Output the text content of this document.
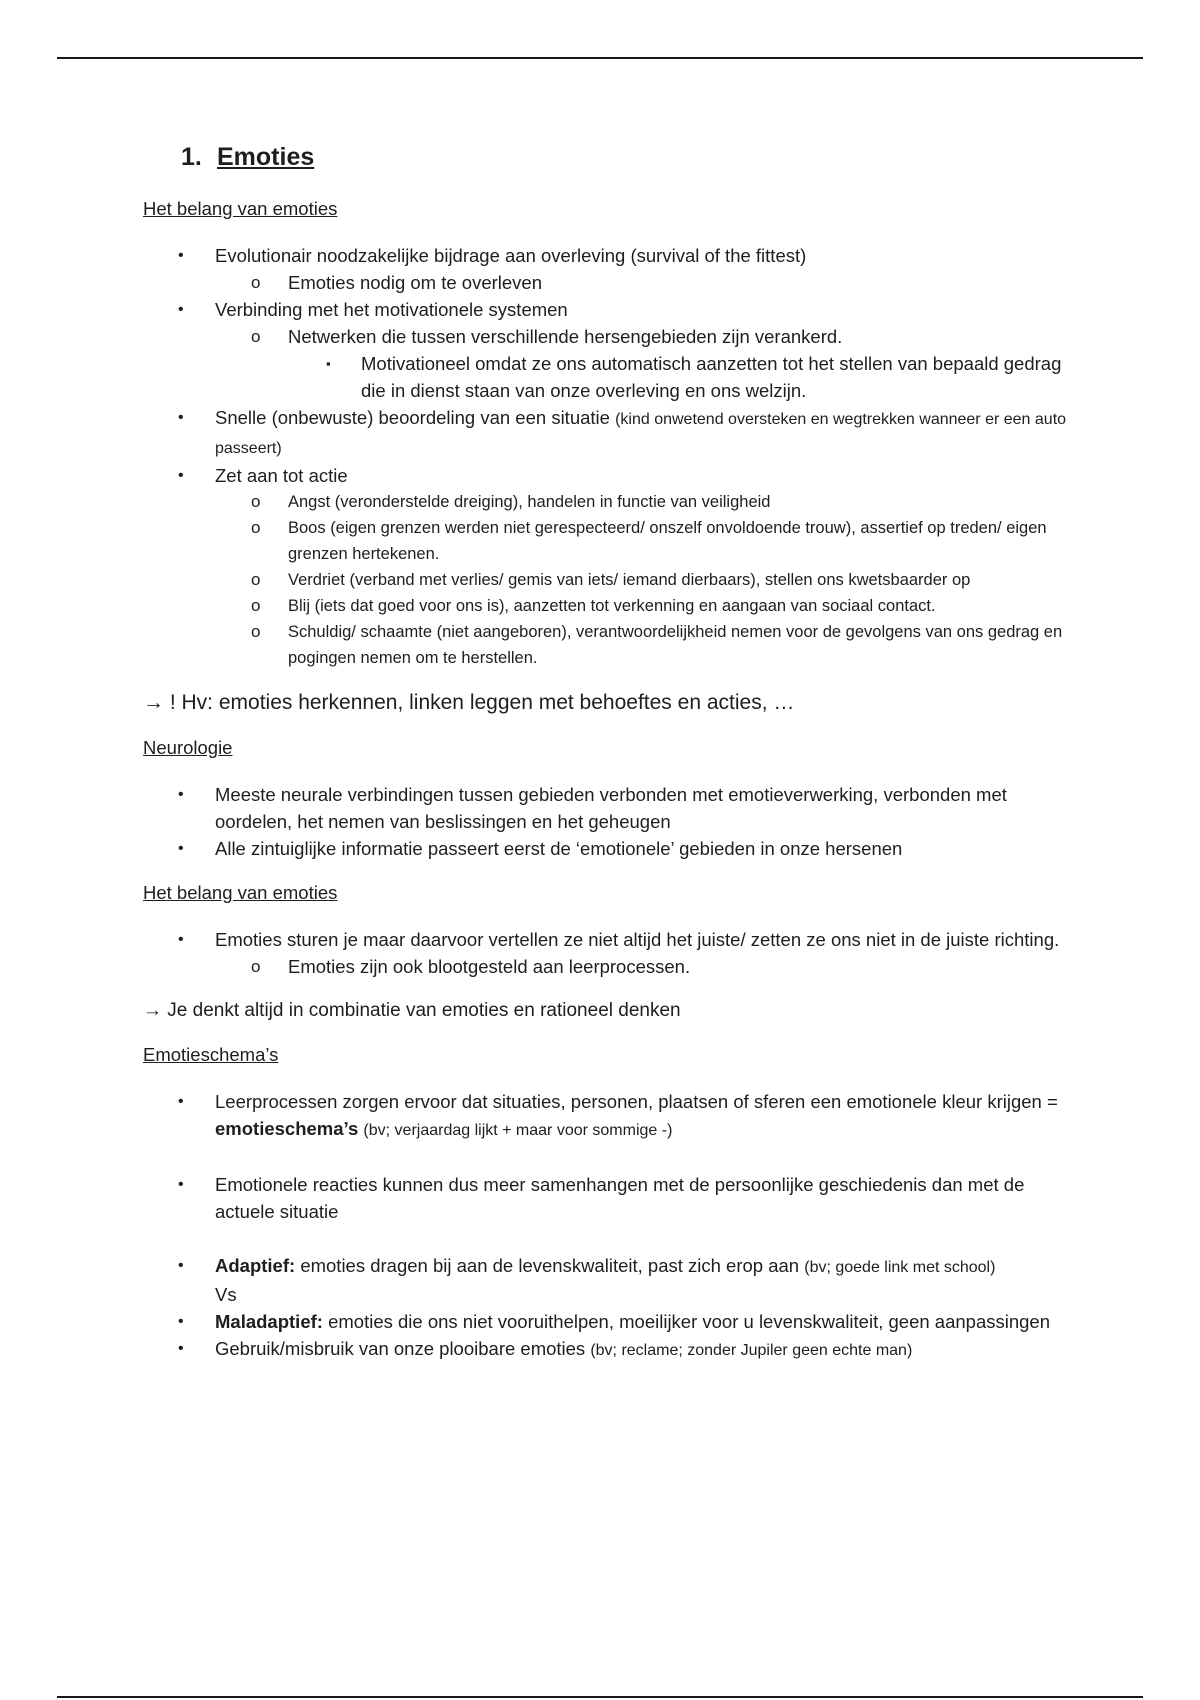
1. Emoties
Het belang van emoties
• Evolutionair noodzakelijke bijdrage aan overleving (survival of the fittest)
o Emoties nodig om te overleven
• Verbinding met het motivationele systemen
o Netwerken die tussen verschillende hersengebieden zijn verankerd.
▪ Motivationeel omdat ze ons automatisch aanzetten tot het stellen van bepaald gedrag die in dienst staan van onze overleving en ons welzijn.
• Snelle (onbewuste) beoordeling van een situatie (kind onwetend oversteken en wegtrekken wanneer er een auto passeert)
• Zet aan tot actie
o Angst (veronderstelde dreiging), handelen in functie van veiligheid
o Boos (eigen grenzen werden niet gerespecteerd/ onszelf onvoldoende trouw), assertief op treden/ eigen grenzen hertekenen.
o Verdriet (verband met verlies/ gemis van iets/ iemand dierbaars), stellen ons kwetsbaarder op
o Blij (iets dat goed voor ons is), aanzetten tot verkenning en aangaan van sociaal contact.
o Schuldig/ schaamte (niet aangeboren), verantwoordelijkheid nemen voor de gevolgens van ons gedrag en pogingen nemen om te herstellen.
→ ! Hv: emoties herkennen, linken leggen met behoeftes en acties, …
Neurologie
• Meeste neurale verbindingen tussen gebieden verbonden met emotieverwerking, verbonden met oordelen, het nemen van beslissingen en het geheugen
• Alle zintuiglijke informatie passeert eerst de ‘emotionele’ gebieden in onze hersenen
Het belang van emoties
• Emoties sturen je maar daarvoor vertellen ze niet altijd het juiste/ zetten ze ons niet in de juiste richting.
o Emoties zijn ook blootgesteld aan leerprocessen.
→ Je denkt altijd in combinatie van emoties en rationeel denken
Emotieschema’s
• Leerprocessen zorgen ervoor dat situaties, personen, plaatsen of sferen een emotionele kleur krijgen = emotieschema’s (bv; verjaardag lijkt + maar voor sommige -)
• Emotionele reacties kunnen dus meer samenhangen met de persoonlijke geschiedenis dan met de actuele situatie
• Adaptief: emoties dragen bij aan de levenskwaliteit, past zich erop aan (bv; goede link met school)
Vs
• Maladaptief: emoties die ons niet vooruithelpen, moeilijker voor u levenskwaliteit, geen aanpassingen
• Gebruik/misbruik van onze plooibare emoties (bv; reclame; zonder Jupiler geen echte man)
